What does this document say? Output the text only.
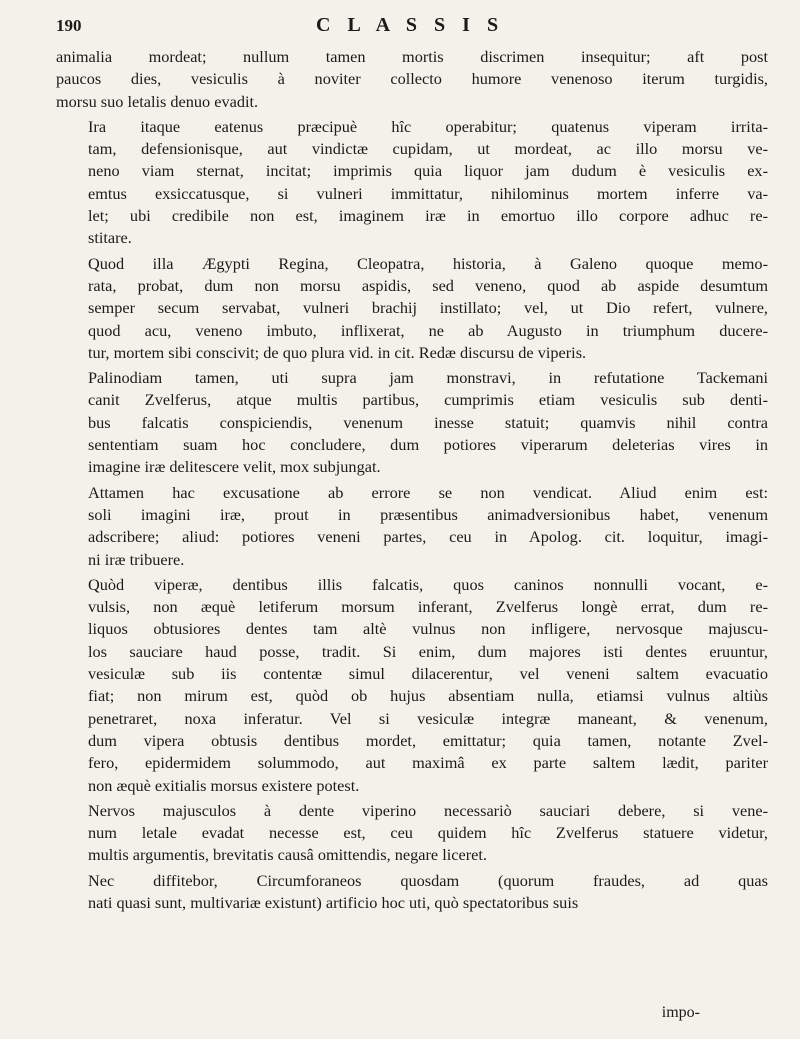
190	C L A S S I S

animalia mordeat; nullum tamen mortis discrimen insequitur; aft post
paucos dies, vesiculis à noviter collecto humore venenoso iterum turgidis,
morsu suo letalis denuo evadit.

Ira itaque eatenus præcipuè hîc operabitur; quatenus viperam irrita-
tam, defensionisque, aut vindictæ cupidam, ut mordeat, ac illo morsu ve-
neno viam sternat, incitat; imprimis quia liquor jam dudum è vesiculis ex-
emtus exsiccatusque, si vulneri immittatur, nihilominus mortem inferre va-
let; ubi credibile non est, imaginem iræ in emortuo illo corpore adhuc re-
stitare.

Quod illa Ægypti Regina, Cleopatra, historia, à Galeno quoque memo-
rata, probat, dum non morsu aspidis, sed veneno, quod ab aspide desumtum
semper secum servabat, vulneri brachij instillato; vel, ut Dio refert, vulnere,
quod acu, veneno imbuto, inflixerat, ne ab Augusto in triumphum ducere-
tur, mortem sibi conscivit; de quo plura vid. in cit. Redæ discursu de viperis.

Palinodiam tamen, uti supra jam monstravi, in refutatione Tackemani
canit Zvelferus, atque multis partibus, cumprimis etiam vesiculis sub denti-
bus falcatis conspiciendis, venenum inesse statuit; quamvis nihil contra
sententiam suam hoc concludere, dum potiores viperarum deleterias vires in
imagine iræ delitescere velit, mox subjungat.

Attamen hac excusatione ab errore se non vendicat. Aliud enim est:
soli imagini iræ, prout in præsentibus animadversionibus habet, venenum
adscribere; aliud: potiores veneni partes, ceu in Apolog. cit. loquitur, imagi-
ni iræ tribuere.

Quòd viperæ, dentibus illis falcatis, quos caninos nonnulli vocant, e-
vulsis, non æquè letiferum morsum inferant, Zvelferus longè errat, dum re-
liquos obtusiores dentes tam altè vulnus non infligere, nervosque majuscu-
los sauciare haud posse, tradit. Si enim, dum majores isti dentes eruuntur,
vesiculæ sub iis contentæ simul dilacerentur, vel veneni saltem evacuatio
fiat; non mirum est, quòd ob hujus absentiam nulla, etiamsi vulnus altiùs
penetraret, noxa inferatur. Vel si vesiculæ integræ maneant, & venenum,
dum vipera obtusis dentibus mordet, emittatur; quia tamen, notante Zvel-
fero, epidermidem solummodo, aut maximâ ex parte saltem lædit, pariter
non æquè exitialis morsus existere potest.

Nervos majusculos à dente viperino necessariò sauciari debere, si vene-
num letale evadat necesse est, ceu quidem hîc Zvelferus statuere videtur,
multis argumentis, brevitatis causâ omittendis, negare liceret.

Nec diffitebor, Circumforaneos quosdam (quorum fraudes, ad quas
nati quasi sunt, multivariæ existunt) artificio hoc uti, quò spectatoribus suis

impo-
